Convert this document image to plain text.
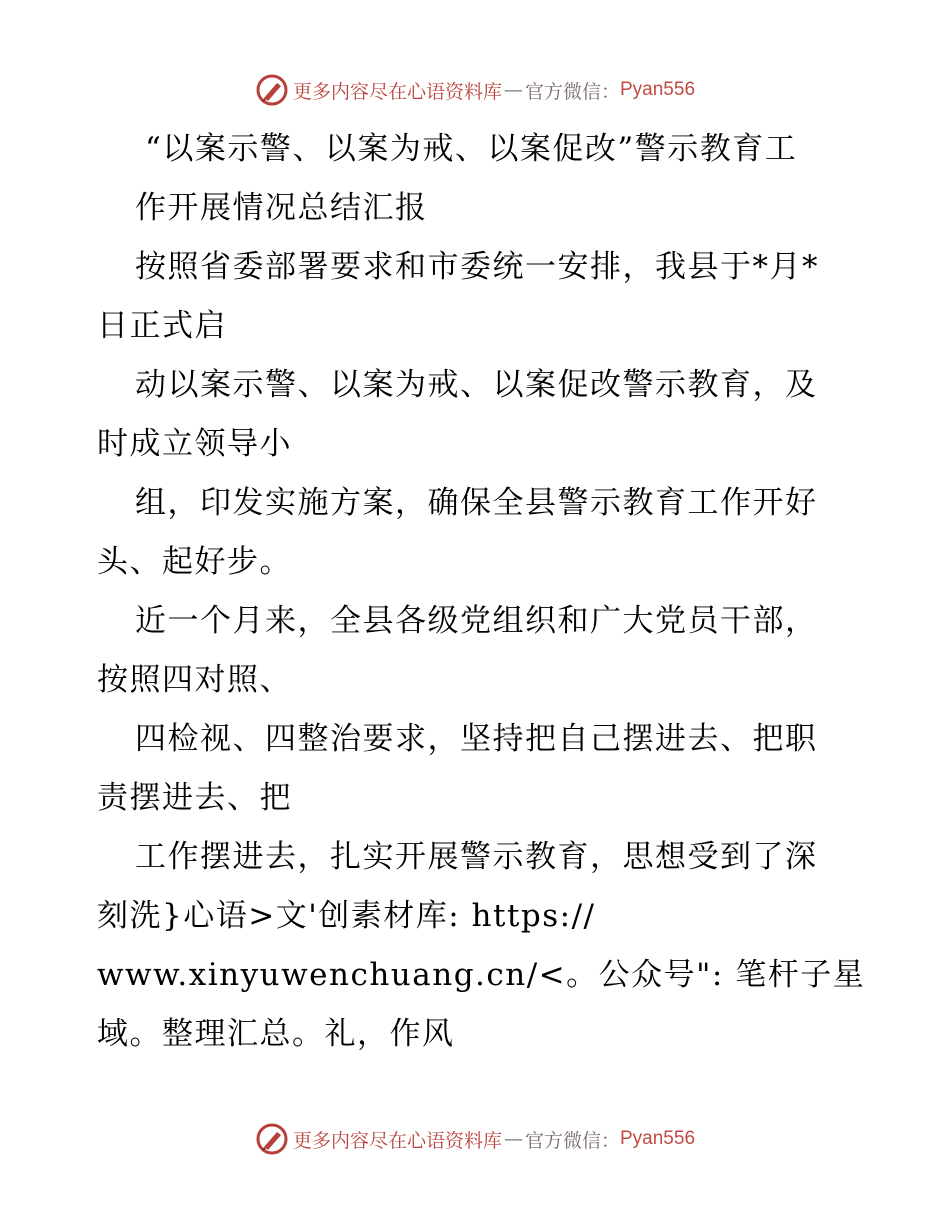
更多内容尽在心语资料库 — 官方微信： Pyan556
“以案示警、以案为戒、以案促改”警示教育工
作开展情况总结汇报
按照省委部署要求和市委统一安排，我县于*月*
日正式启
动以案示警、以案为戒、以案促改警示教育，及
时成立领导小
组，印发实施方案，确保全县警示教育工作开好
头、起好步。
近一个月来，全县各级党组织和广大党员干部，
按照四对照、
四检视、四整治要求，坚持把自己摆进去、把职
责摆进去、把
工作摆进去，扎实开展警示教育，思想受到了深
刻洗}心语>文'创素材库: https://
www.xinyuwenchuang.cn/<。公众号": 笔杆子星
域。整理汇总。礼，作风
更多内容尽在心语资料库 — 官方微信： Pyan556
